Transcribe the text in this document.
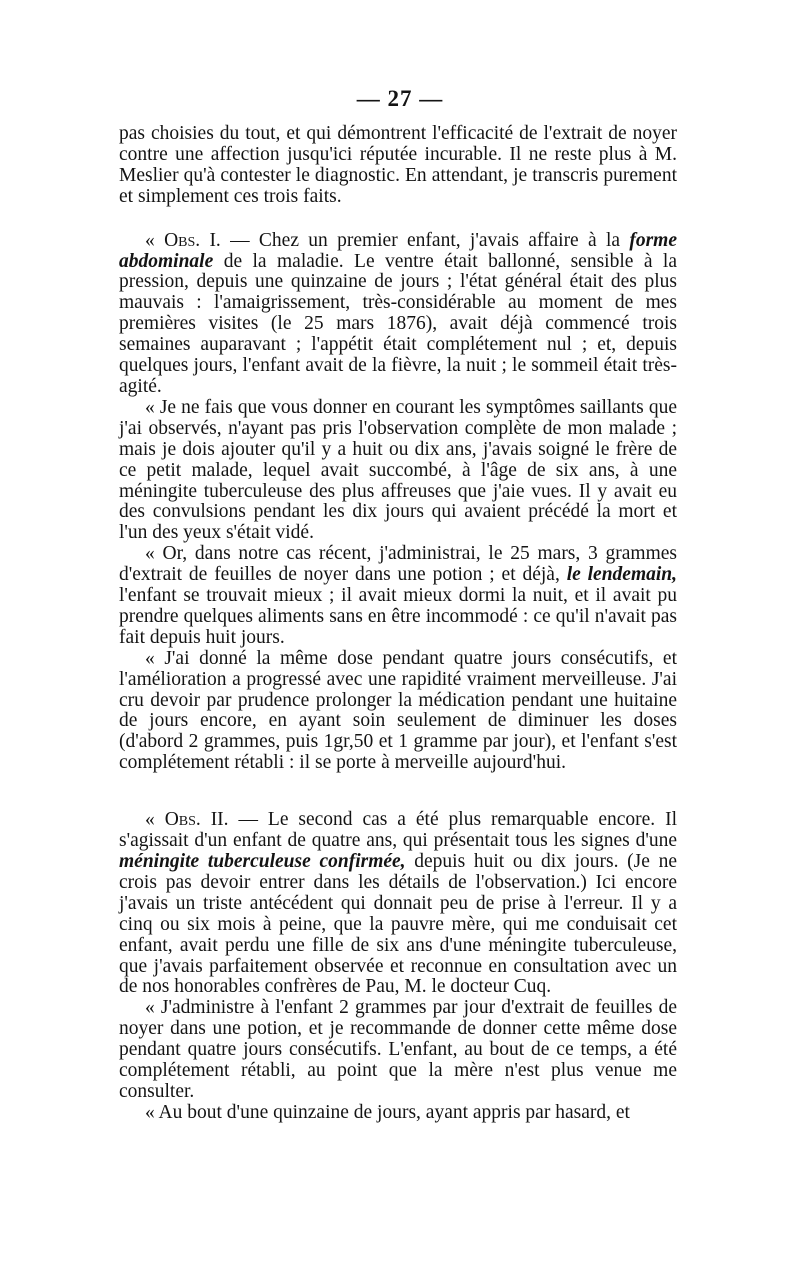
— 27 —

pas choisies du tout, et qui démontrent l'efficacité de l'extrait de noyer contre une affection jusqu'ici réputée incurable. Il ne reste plus à M. Meslier qu'à contester le diagnostic. En attendant, je transcris purement et simplement ces trois faits.

« Obs. I. — Chez un premier enfant, j'avais affaire à la forme abdominale de la maladie. Le ventre était ballonné, sensible à la pression, depuis une quinzaine de jours ; l'état général était des plus mauvais : l'amaigrissement, très-considérable au moment de mes premières visites (le 25 mars 1876), avait déjà commencé trois semaines auparavant ; l'appétit était complétement nul ; et, depuis quelques jours, l'enfant avait de la fièvre, la nuit ; le sommeil était très-agité.

« Je ne fais que vous donner en courant les symptômes saillants que j'ai observés, n'ayant pas pris l'observation complète de mon malade ; mais je dois ajouter qu'il y a huit ou dix ans, j'avais soigné le frère de ce petit malade, lequel avait succombé, à l'âge de six ans, à une méningite tuberculeuse des plus affreuses que j'aie vues. Il y avait eu des convulsions pendant les dix jours qui avaient précédé la mort et l'un des yeux s'était vidé.

« Or, dans notre cas récent, j'administrai, le 25 mars, 3 grammes d'extrait de feuilles de noyer dans une potion ; et déjà, le lendemain, l'enfant se trouvait mieux ; il avait mieux dormi la nuit, et il avait pu prendre quelques aliments sans en être incommodé : ce qu'il n'avait pas fait depuis huit jours.

« J'ai donné la même dose pendant quatre jours consécutifs, et l'amélioration a progressé avec une rapidité vraiment merveilleuse. J'ai cru devoir par prudence prolonger la médication pendant une huitaine de jours encore, en ayant soin seulement de diminuer les doses (d'abord 2 grammes, puis 1gr,50 et 1 gramme par jour), et l'enfant s'est complétement rétabli : il se porte à merveille aujourd'hui.

« Obs. II. — Le second cas a été plus remarquable encore. Il s'agissait d'un enfant de quatre ans, qui présentait tous les signes d'une méningite tuberculeuse confirmée, depuis huit ou dix jours. (Je ne crois pas devoir entrer dans les détails de l'observation.) Ici encore j'avais un triste antécédent qui donnait peu de prise à l'erreur. Il y a cinq ou six mois à peine, que la pauvre mère, qui me conduisait cet enfant, avait perdu une fille de six ans d'une méningite tuberculeuse, que j'avais parfaitement observée et reconnue en consultation avec un de nos honorables confrères de Pau, M. le docteur Cuq.

« J'administre à l'enfant 2 grammes par jour d'extrait de feuilles de noyer dans une potion, et je recommande de donner cette même dose pendant quatre jours consécutifs. L'enfant, au bout de ce temps, a été complétement rétabli, au point que la mère n'est plus venue me consulter.

« Au bout d'une quinzaine de jours, ayant appris par hasard, et
